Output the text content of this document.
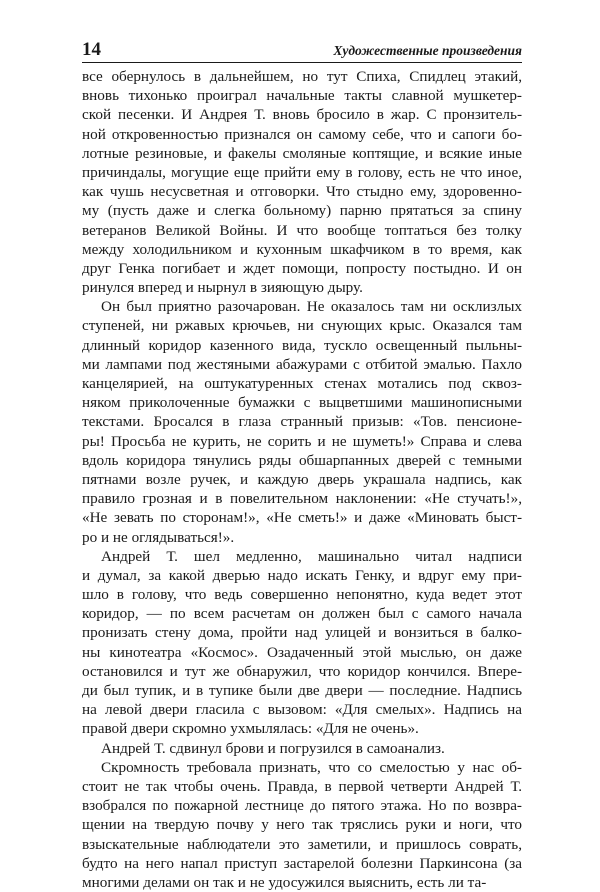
14	Художественные произведения
все обернулось в дальнейшем, но тут Спиха, Спидлец этакий,
вновь тихонько проиграл начальные такты славной мушкетер-
ской песенки. И Андрея Т. вновь бросило в жар. С пронзитель-
ной откровенностью признался он самому себе, что и сапоги бо-
лотные резиновые, и факелы смоляные коптящие, и всякие иные
причиндалы, могущие еще прийти ему в голову, есть не что иное,
как чушь несусветная и отговорки. Что стыдно ему, здоровенно-
му (пусть даже и слегка больному) парню прятаться за спину
ветеранов Великой Войны. И что вообще топтаться без толку
между холодильником и кухонным шкафчиком в то время, как
друг Генка погибает и ждет помощи, попросту постыдно. И он
ринулся вперед и нырнул в зияющую дыру.
Он был приятно разочарован. Не оказалось там ни осклизлых
ступеней, ни ржавых крючьев, ни снующих крыс. Оказался там
длинный коридор казенного вида, тускло освещенный пыльны-
ми лампами под жестяными абажурами с отбитой эмалью. Пахло
канцелярией, на оштукатуренных стенах мотались под сквоз-
няком приколоченные бумажки с выцветшими машинописными
текстами. Бросался в глаза странный призыв: «Тов. пенсионе-
ры! Просьба не курить, не сорить и не шуметь!» Справа и слева
вдоль коридора тянулись ряды обшарпанных дверей с темными
пятнами возле ручек, и каждую дверь украшала надпись, как
правило грозная и в повелительном наклонении: «Не стучать!»,
«Не зевать по сторонам!», «Не сметь!» и даже «Миновать быст-
ро и не оглядываться!».
Андрей Т. шел медленно, машинально читал надписи
и думал, за какой дверью надо искать Генку, и вдруг ему при-
шло в голову, что ведь совершенно непонятно, куда ведет этот
коридор, — по всем расчетам он должен был с самого начала
пронизать стену дома, пройти над улицей и вонзиться в балко-
ны кинотеатра «Космос». Озадаченный этой мыслью, он даже
остановился и тут же обнаружил, что коридор кончился. Впере-
ди был тупик, и в тупике были две двери — последние. Надпись
на левой двери гласила с вызовом: «Для смелых». Надпись на
правой двери скромно ухмылялась: «Для не очень».
Андрей Т. сдвинул брови и погрузился в самоанализ.
Скромность требовала признать, что со смелостью у нас об-
стоит не так чтобы очень. Правда, в первой четверти Андрей Т.
взобрался по пожарной лестнице до пятого этажа. Но по возвра-
щении на твердую почву у него так тряслись руки и ноги, что
взыскательные наблюдатели это заметили, и пришлось соврать,
будто на него напал приступ застарелой болезни Паркинсона (за
многими делами он так и не удосужился выяснить, есть ли та-
